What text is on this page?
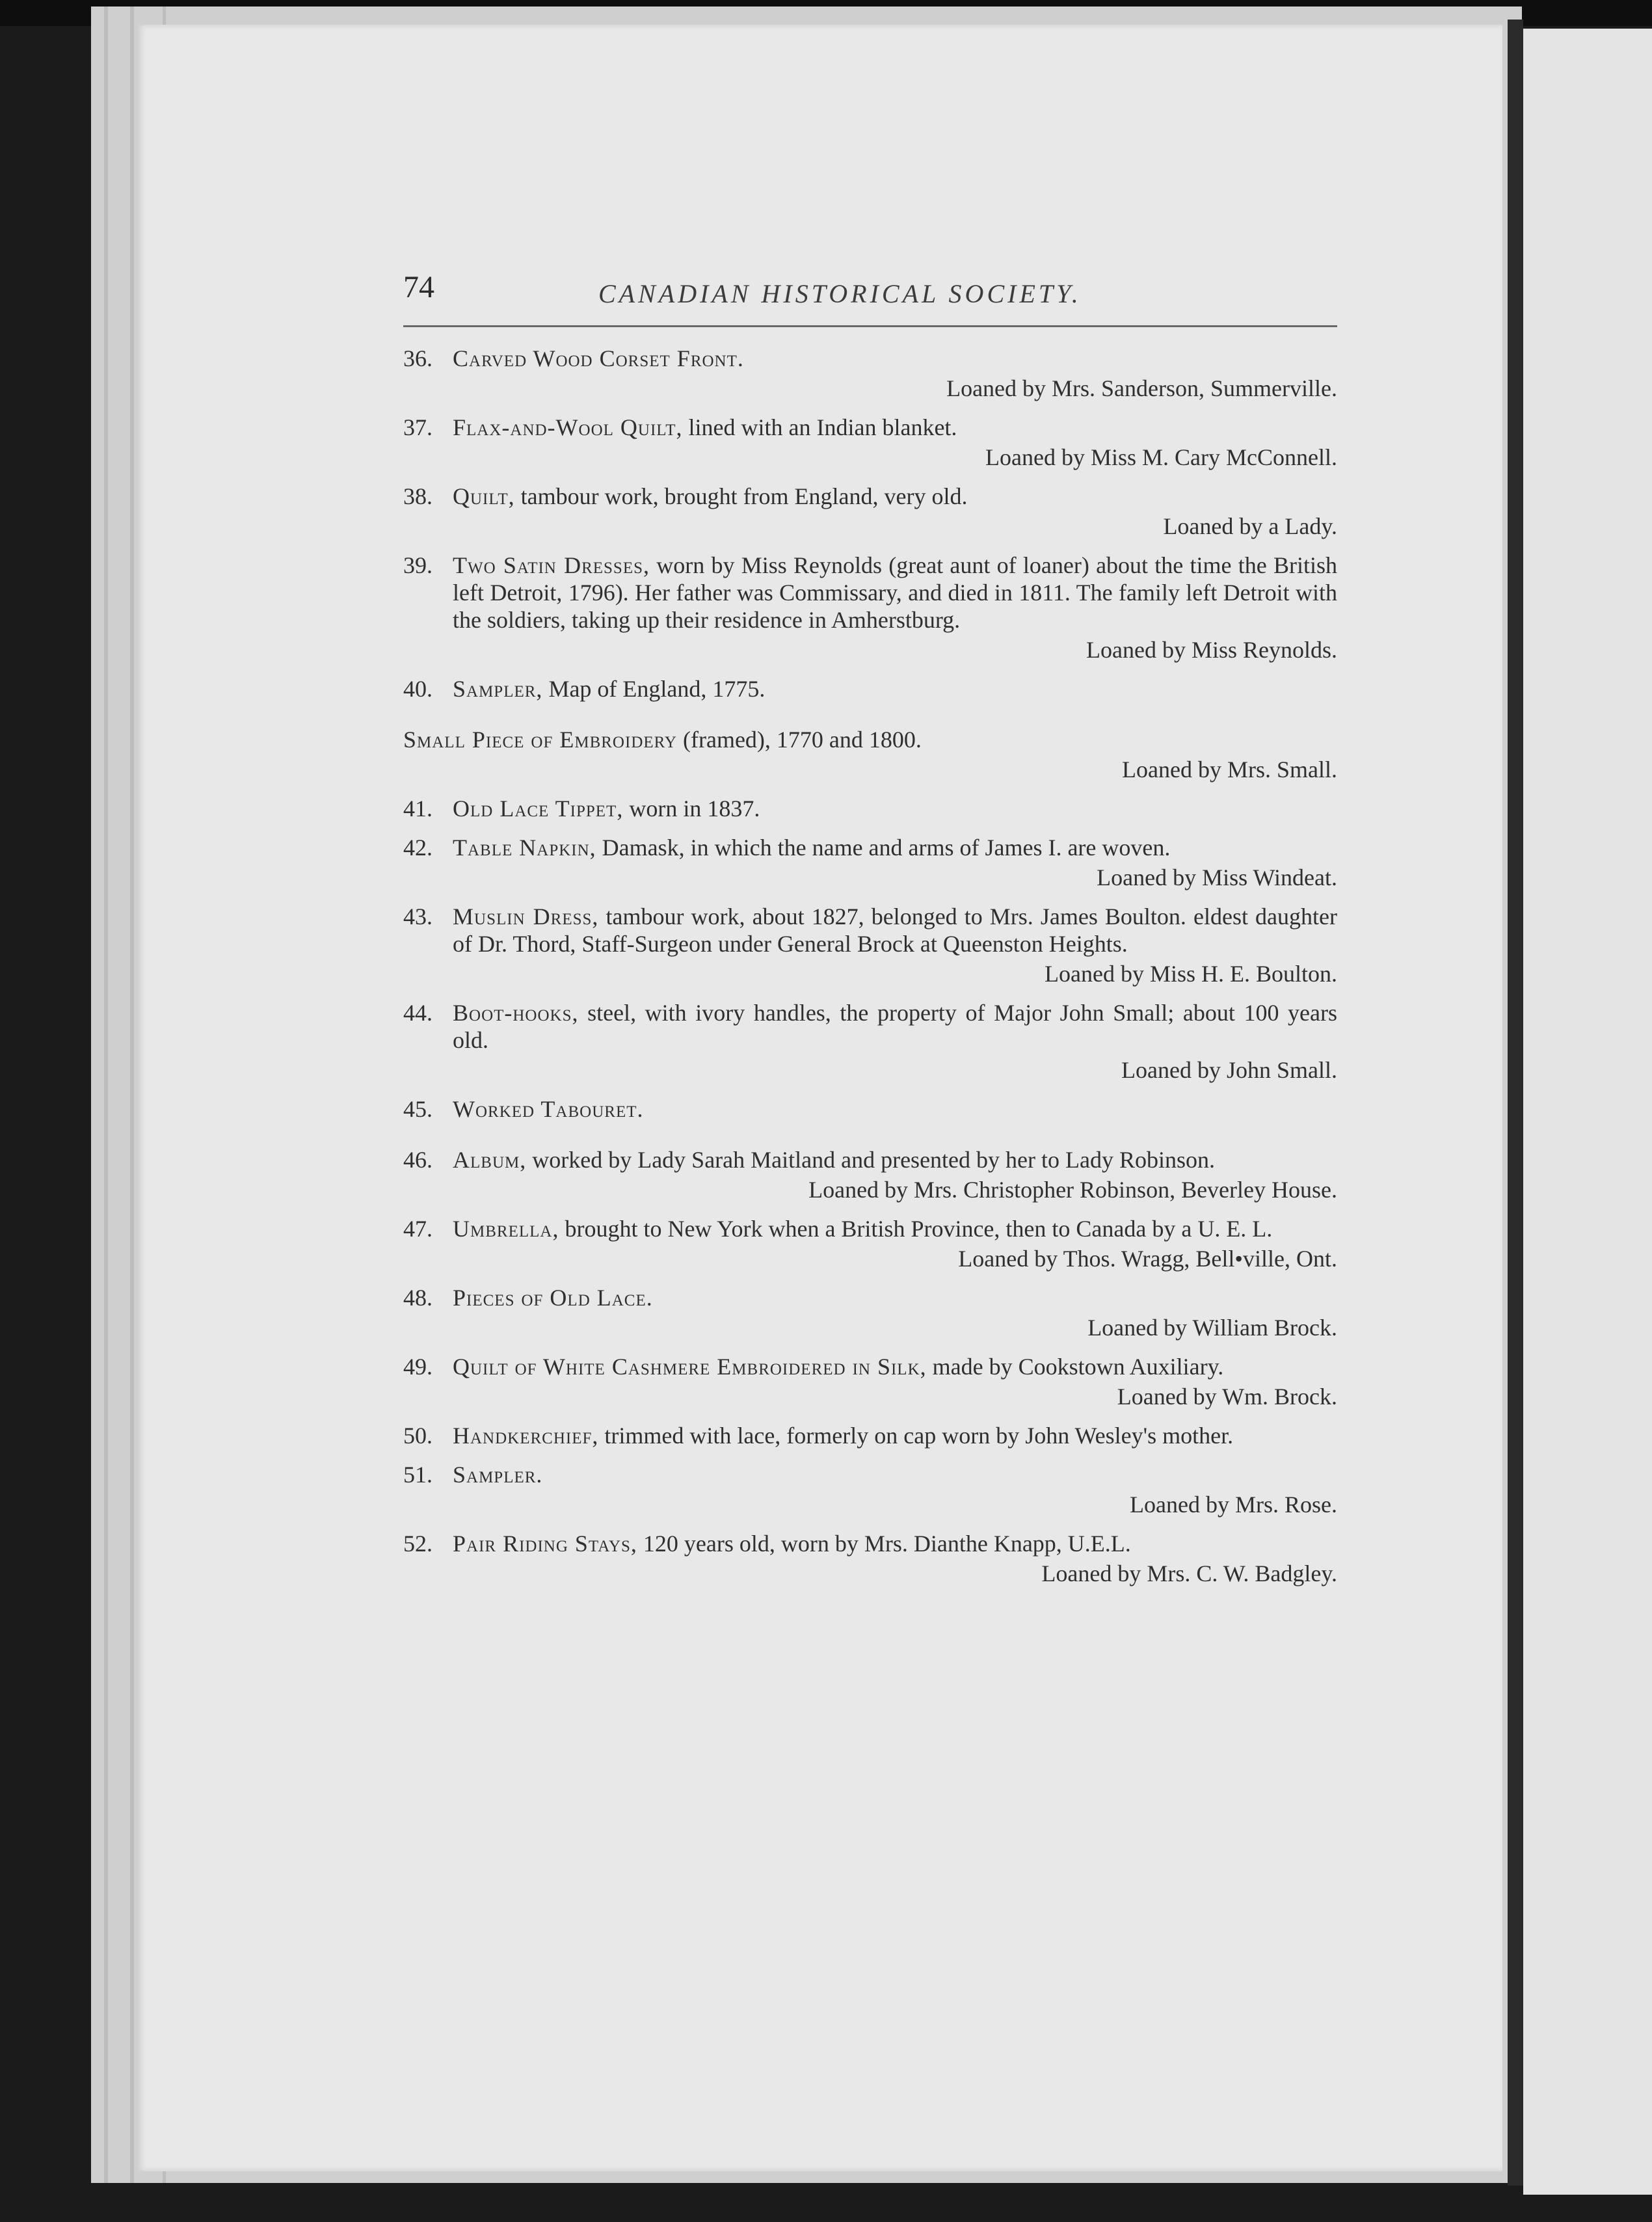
74	CANADIAN HISTORICAL SOCIETY.
36. Carved Wood Corset Front.
Loaned by Mrs. Sanderson, Summerville.
37. Flax-and-Wool Quilt, lined with an Indian blanket.
Loaned by Miss M. Cary McConnell.
38. Quilt, tambour work, brought from England, very old.
Loaned by a Lady.
39. Two Satin Dresses, worn by Miss Reynolds (great aunt of loaner) about the time the British left Detroit, 1796). Her father was Commissary, and died in 1811. The family left Detroit with the soldiers, taking up their residence in Amherstburg.
Loaned by Miss Reynolds.
40. Sampler, Map of England, 1775.
Small Piece of Embroidery (framed), 1770 and 1800.
Loaned by Mrs. Small.
41. Old Lace Tippet, worn in 1837.
42. Table Napkin, Damask, in which the name and arms of James I. are woven.
Loaned by Miss Windeat.
43. Muslin Dress, tambour work, about 1827, belonged to Mrs. James Boulton. eldest daughter of Dr. Thord, Staff-Surgeon under General Brock at Queenston Heights.
Loaned by Miss H. E. Boulton.
44. Boot-hooks, steel, with ivory handles, the property of Major John Small; about 100 years old.
Loaned by John Small.
45. Worked Tabouret.
46. Album, worked by Lady Sarah Maitland and presented by her to Lady Robinson.
Loaned by Mrs. Christopher Robinson, Beverley House.
47. Umbrella, brought to New York when a British Province, then to Canada by a U. E. L.
Loaned by Thos. Wragg, Bell•ville, Ont.
48. Pieces of Old Lace.
Loaned by William Brock.
49. Quilt of White Cashmere Embroidered in Silk, made by Cookstown Auxiliary.
Loaned by Wm. Brock.
50. Handkerchief, trimmed with lace, formerly on cap worn by John Wesley's mother.
51. Sampler.
Loaned by Mrs. Rose.
52. Pair Riding Stays, 120 years old, worn by Mrs. Dianthe Knapp, U.E.L.
Loaned by Mrs. C. W. Badgley.
